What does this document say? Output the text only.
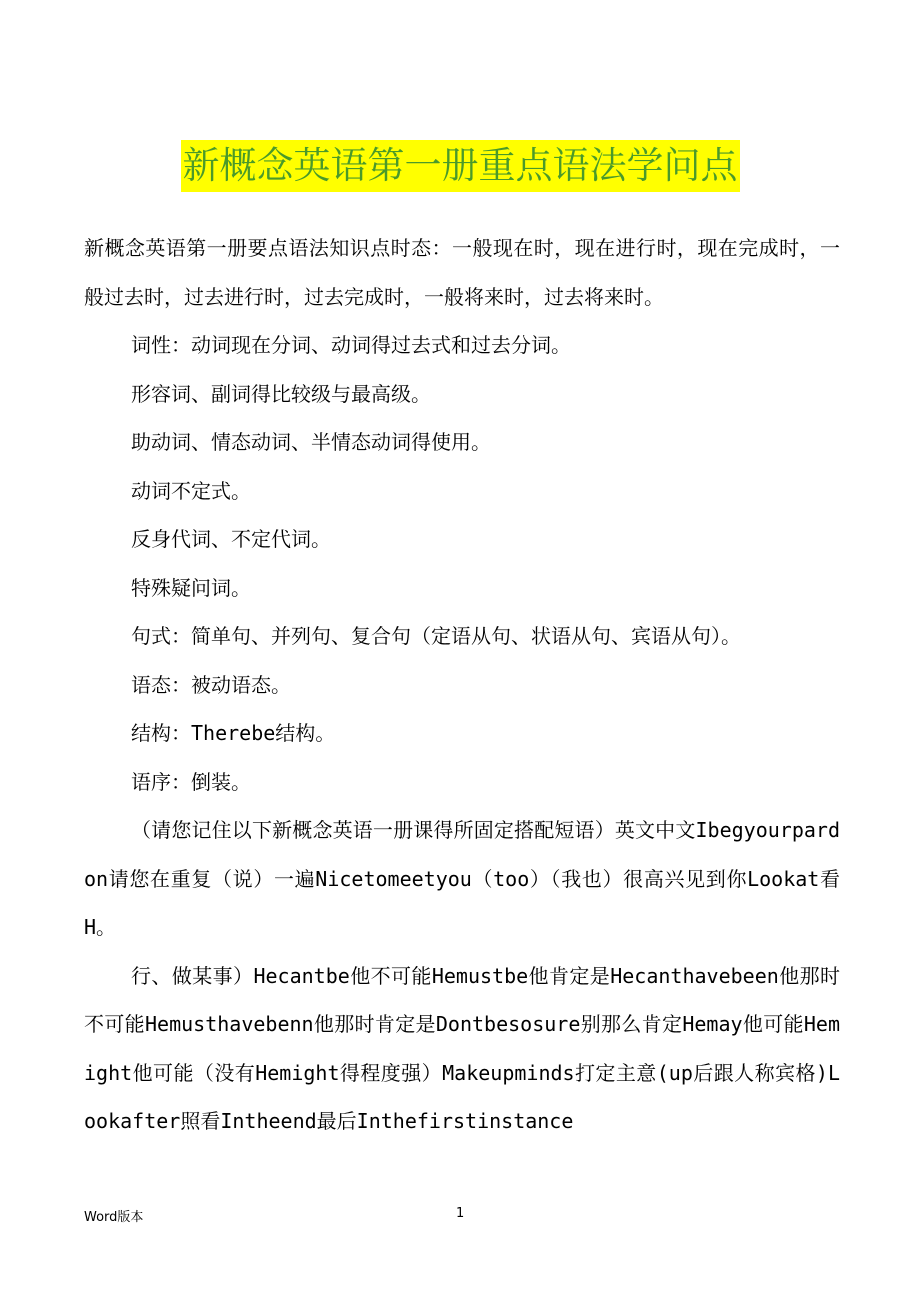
新概念英语第一册重点语法学问点

新概念英语第一册要点语法知识点时态：一般现在时，现在进行时，现在完成时，一般过去时，过去进行时，过去完成时，一般将来时，过去将来时。

词性：动词现在分词、动词得过去式和过去分词。

形容词、副词得比较级与最高级。

助动词、情态动词、半情态动词得使用。

动词不定式。

反身代词、不定代词。

特殊疑问词。

句式：简单句、并列句、复合句（定语从句、状语从句、宾语从句）。

语态：被动语态。

结构：Therebe结构。

语序：倒装。

（请您记住以下新概念英语一册课得所固定搭配短语）英文中文Ibegyourpardon请您在重复（说）一遍Nicetomeetyou（too）（我也）很高兴见到你Lookat看H。

行、做某事）Hecantbe他不可能Hemustbe他肯定是Hecanthavebeen他那时不可能Hemusthavebenn他那时肯定是Dontbesosure别那么肯定Hemay他可能Hemight他可能（没有Hemight得程度强）Makeupminds打定主意(up后跟人称宾格)Lookafter照看Intheend最后Inthefirstinstance

Word版本	1
